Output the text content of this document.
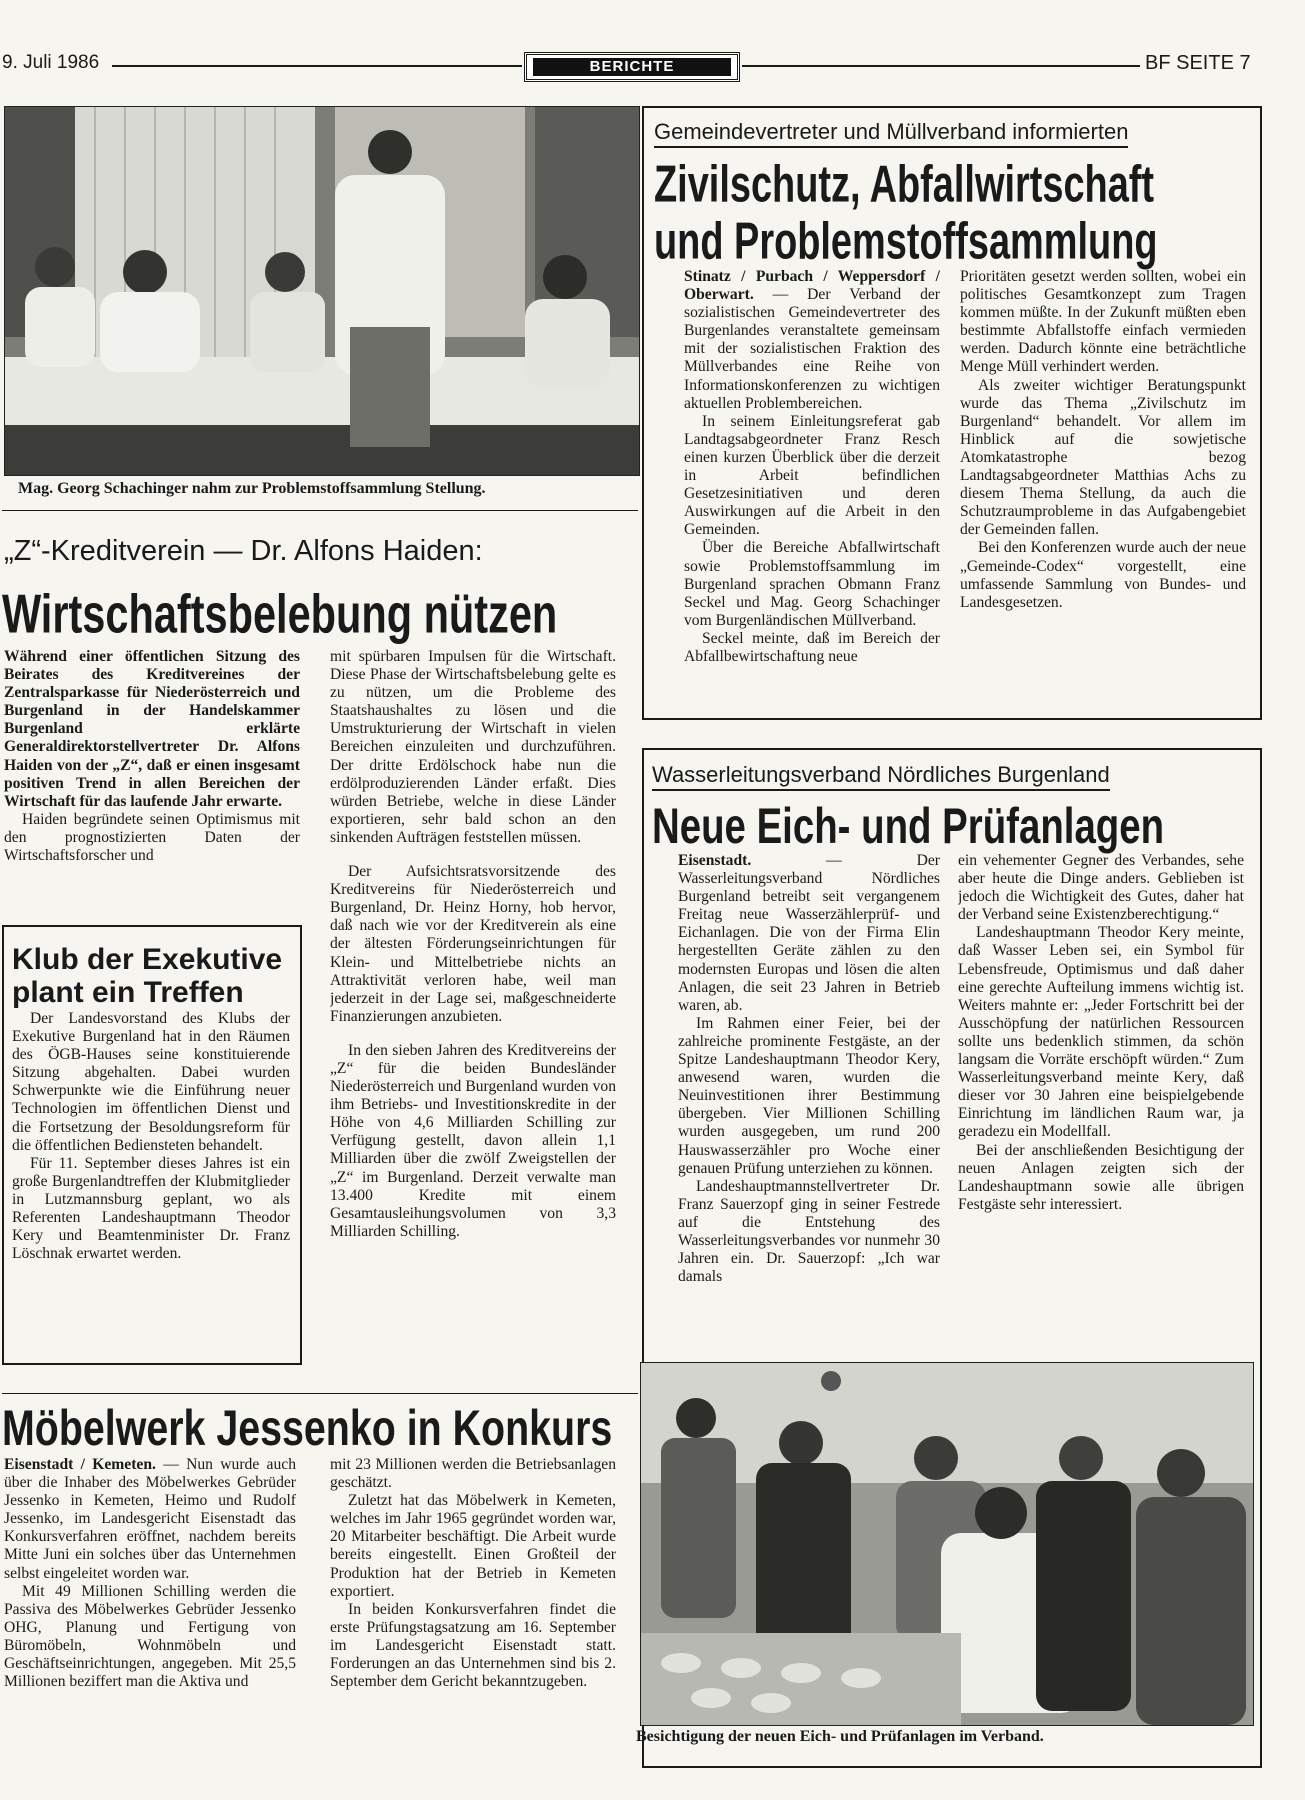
9. Juli 1986	BERICHTE	BF SEITE 7
Mag. Georg Schachinger nahm zur Problemstoffsammlung Stellung.
Gemeindevertreter und Müllverband informierten
Zivilschutz, Abfallwirtschaft
und Problemstoffsammlung

Stinatz / Purbach / Weppersdorf / Oberwart. — Der Verband der sozialistischen Gemeindevertreter des Burgenlandes veranstaltete gemeinsam mit der sozialistischen Fraktion des Müllverbandes eine Reihe von Informationskonferenzen zu wichtigen aktuellen Problembereichen.

In seinem Einleitungsreferat gab Landtagsabgeordneter Franz Resch einen kurzen Überblick über die derzeit in Arbeit befindlichen Gesetzesinitiativen und deren Auswirkungen auf die Arbeit in den Gemeinden.

Über die Bereiche Abfallwirtschaft sowie Problemstoffsammlung im Burgenland sprachen Obmann Franz Seckel und Mag. Georg Schachinger vom Burgenländischen Müllverband.

Seckel meinte, daß im Bereich der Abfallbewirtschaftung neue

Prioritäten gesetzt werden sollten, wobei ein politisches Gesamtkonzept zum Tragen kommen müßte. In der Zukunft müßten eben bestimmte Abfallstoffe einfach vermieden werden. Dadurch könnte eine beträchtliche Menge Müll verhindert werden.

Als zweiter wichtiger Beratungspunkt wurde das Thema „Zivilschutz im Burgenland“ behandelt. Vor allem im Hinblick auf die sowjetische Atomkatastrophe bezog Landtagsabgeordneter Matthias Achs zu diesem Thema Stellung, da auch die Schutzraumprobleme in das Aufgabengebiet der Gemeinden fallen.

Bei den Konferenzen wurde auch der neue „Gemeinde-Codex“ vorgestellt, eine umfassende Sammlung von Bundes- und Landesgesetzen.

„Z“-Kreditverein — Dr. Alfons Haiden:
Wirtschaftsbelebung nützen

Während einer öffentlichen Sitzung des Beirates des Kreditvereines der Zentralsparkasse für Niederösterreich und Burgenland in der Handelskammer Burgenland erklärte Generaldirektorstellvertreter Dr. Alfons Haiden von der „Z“, daß er einen insgesamt positiven Trend in allen Bereichen der Wirtschaft für das laufende Jahr erwarte.

Haiden begründete seinen Optimismus mit den prognostizierten Daten der Wirtschaftsforscher und

mit spürbaren Impulsen für die Wirtschaft. Diese Phase der Wirtschaftsbelebung gelte es zu nützen, um die Probleme des Staatshaushaltes zu lösen und die Umstrukturierung der Wirtschaft in vielen Bereichen einzuleiten und durchzuführen. Der dritte Erdölschock habe nun die erdölproduzierenden Länder erfaßt. Dies würden Betriebe, welche in diese Länder exportieren, sehr bald schon an den sinkenden Aufträgen feststellen müssen.

Der Aufsichtsratsvorsitzende des Kreditvereins für Niederösterreich und Burgenland, Dr. Heinz Horny, hob hervor, daß nach wie vor der Kreditverein als eine der ältesten Förderungseinrichtungen für Klein- und Mittelbetriebe nichts an Attraktivität verloren habe, weil man jederzeit in der Lage sei, maßgeschneiderte Finanzierungen anzubieten.

In den sieben Jahren des Kreditvereins der „Z“ für die beiden Bundesländer Niederösterreich und Burgenland wurden von ihm Betriebs- und Investitionskredite in der Höhe von 4,6 Milliarden Schilling zur Verfügung gestellt, davon allein 1,1 Milliarden über die zwölf Zweigstellen der „Z“ im Burgenland. Derzeit verwalte man 13.400 Kredite mit einem Gesamtausleihungsvolumen von 3,3 Milliarden Schilling.

Klub der Exekutive plant ein Treffen

Der Landesvorstand des Klubs der Exekutive Burgenland hat in den Räumen des ÖGB-Hauses seine konstituierende Sitzung abgehalten. Dabei wurden Schwerpunkte wie die Einführung neuer Technologien im öffentlichen Dienst und die Fortsetzung der Besoldungsreform für die öffentlichen Bediensteten behandelt.

Für 11. September dieses Jahres ist ein große Burgenlandtreffen der Klubmitglieder in Lutzmannsburg geplant, wo als Referenten Landeshauptmann Theodor Kery und Beamtenminister Dr. Franz Löschnak erwartet werden.

Möbelwerk Jessenko in Konkurs

Eisenstadt / Kemeten. — Nun wurde auch über die Inhaber des Möbelwerkes Gebrüder Jessenko in Kemeten, Heimo und Rudolf Jessenko, im Landesgericht Eisenstadt das Konkursverfahren eröffnet, nachdem bereits Mitte Juni ein solches über das Unternehmen selbst eingeleitet worden war.

Mit 49 Millionen Schilling werden die Passiva des Möbelwerkes Gebrüder Jessenko OHG, Planung und Fertigung von Büromöbeln, Wohnmöbeln und Geschäftseinrichtungen, angegeben. Mit 25,5 Millionen beziffert man die Aktiva und

mit 23 Millionen werden die Betriebsanlagen geschätzt.

Zuletzt hat das Möbelwerk in Kemeten, welches im Jahr 1965 gegründet worden war, 20 Mitarbeiter beschäftigt. Die Arbeit wurde bereits eingestellt. Einen Großteil der Produktion hat der Betrieb in Kemeten exportiert.

In beiden Konkursverfahren findet die erste Prüfungstagsatzung am 16. September im Landesgericht Eisenstadt statt. Forderungen an das Unternehmen sind bis 2. September dem Gericht bekanntzugeben.

Wasserleitungsverband Nördliches Burgenland
Neue Eich- und Prüfanlagen

Eisenstadt. — Der Wasserleitungsverband Nördliches Burgenland betreibt seit vergangenem Freitag neue Wasserzählerprüf- und Eichanlagen. Die von der Firma Elin hergestellten Geräte zählen zu den modernsten Europas und lösen die alten Anlagen, die seit 23 Jahren in Betrieb waren, ab.

Im Rahmen einer Feier, bei der zahlreiche prominente Festgäste, an der Spitze Landeshauptmann Theodor Kery, anwesend waren, wurden die Neuinvestitionen ihrer Bestimmung übergeben. Vier Millionen Schilling wurden ausgegeben, um rund 200 Hauswasserzähler pro Woche einer genauen Prüfung unterziehen zu können.

Landeshauptmannstellvertreter Dr. Franz Sauerzopf ging in seiner Festrede auf die Entstehung des Wasserleitungsverbandes vor nunmehr 30 Jahren ein. Dr. Sauerzopf: „Ich war damals

ein vehementer Gegner des Verbandes, sehe aber heute die Dinge anders. Geblieben ist jedoch die Wichtigkeit des Gutes, daher hat der Verband seine Existenzberechtigung.“

Landeshauptmann Theodor Kery meinte, daß Wasser Leben sei, ein Symbol für Lebensfreude, Optimismus und daß daher eine gerechte Aufteilung immens wichtig ist. Weiters mahnte er: „Jeder Fortschritt bei der Ausschöpfung der natürlichen Ressourcen sollte uns bedenklich stimmen, da schön langsam die Vorräte erschöpft würden.“ Zum Wasserleitungsverband meinte Kery, daß dieser vor 30 Jahren eine beispielgebende Einrichtung im ländlichen Raum war, ja geradezu ein Modellfall.

Bei der anschließenden Besichtigung der neuen Anlagen zeigten sich der Landeshauptmann sowie alle übrigen Festgäste sehr interessiert.

Besichtigung der neuen Eich- und Prüfanlagen im Verband.
